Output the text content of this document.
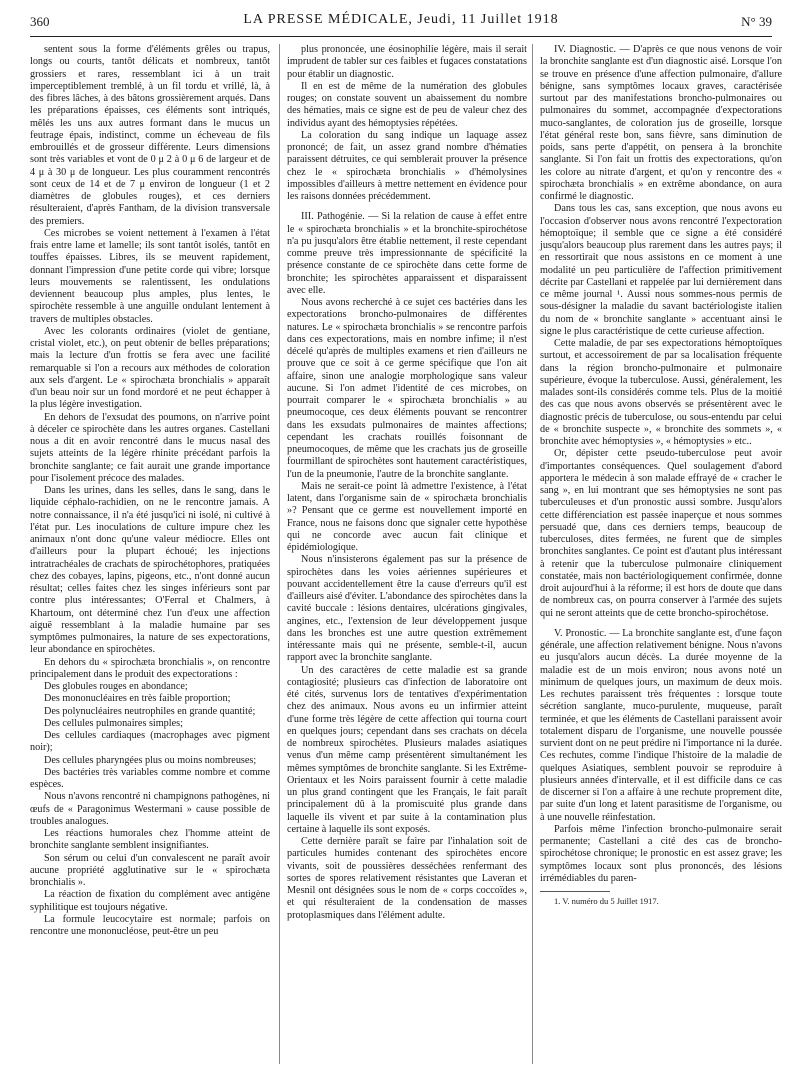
360	LA PRESSE MÉDICALE, Jeudi, 11 Juillet 1918	N° 39

sentent sous la forme d'éléments grêles ou trapus, longs ou courts, tantôt délicats et nombreux, tantôt grossiers et rares, ressemblant ici à un trait imperceptiblement tremblé, à un fil tordu et vrillé, là, à des fibres lâches, à des bâtons grossièrement arqués. Dans les préparations épaisses, ces éléments sont intriqués, mêlés les uns aux autres formant dans le mucus un feutrage épais, indistinct, comme un écheveau de fils embrouillés et de grosseur différente. Leurs dimensions sont très variables et vont de 0 μ 2 à 0 μ 6 de largeur et de 4 μ à 30 μ de longueur. Les plus couramment rencontrés sont ceux de 14 et de 7 μ environ de longueur (1 et 2 diamètres de globules rouges), et ces derniers résulteraient, d'après Fantham, de la division transversale des premiers.

Ces microbes se voient nettement à l'examen à l'état frais entre lame et lamelle; ils sont tantôt isolés, tantôt en touffes épaisses. Libres, ils se meuvent rapidement, donnant l'impression d'une petite corde qui vibre; lorsque leurs mouvements se ralentissent, les ondulations deviennent beaucoup plus amples, plus lentes, le spirochète ressemble à une anguille ondulant lentement à travers de multiples obstacles.

Avec les colorants ordinaires (violet de gentiane, cristal violet, etc.), on peut obtenir de belles préparations; mais la lecture d'un frottis se fera avec une facilité remarquable si l'on a recours aux méthodes de coloration aux sels d'argent. Le « spirochæta bronchialis » apparaît d'un beau noir sur un fond mordoré et ne peut échapper à la plus légère investigation.

En dehors de l'exsudat des poumons, on n'arrive point à déceler ce spirochète dans les autres organes. Castellani nous a dit en avoir rencontré dans le mucus nasal des sujets atteints de la légère rhinite précédant parfois la bronchite sanglante; ce fait aurait une grande importance pour l'isolement précoce des malades.

Dans les urines, dans les selles, dans le sang, dans le liquide céphalo-rachidien, on ne le rencontre jamais. A notre connaissance, il n'a été jusqu'ici ni isolé, ni cultivé à l'état pur. Les inoculations de culture impure chez les animaux n'ont donc qu'une valeur médiocre. Elles ont d'ailleurs pour la plupart échoué; les injections intratrachéales de crachats de spirochétophores, pratiquées chez des cobayes, lapins, pigeons, etc., n'ont donné aucun résultat; celles faites chez les singes inférieurs sont par contre plus intéressantes; O'Ferral et Chalmers, à Khartoum, ont déterminé chez l'un d'eux une affection aiguë ressemblant à la maladie humaine par ses symptômes pulmonaires, la nature de ses expectorations, leur abondance en spirochètes.

En dehors du « spirochæta bronchialis », on rencontre principalement dans le produit des expectorations :

Des globules rouges en abondance;

Des mononucléaires en très faible proportion;

Des polynucléaires neutrophiles en grande quantité;

Des cellules pulmonaires simples;

Des cellules cardiaques (macrophages avec pigment noir);

Des cellules pharyngées plus ou moins nombreuses;

Des bactéries très variables comme nombre et comme espèces.

Nous n'avons rencontré ni champignons pathogènes, ni œufs de « Paragonimus Westermani » cause possible de troubles analogues.

Les réactions humorales chez l'homme atteint de bronchite sanglante semblent insignifiantes.

Son sérum ou celui d'un convalescent ne paraît avoir aucune propriété agglutinative sur le « spirochæta bronchialis ».

La réaction de fixation du complément avec antigène syphilitique est toujours négative.

La formule leucocytaire est normale; parfois on rencontre une mononucléose, peut-être un peu

plus prononcée, une éosinophilie légère, mais il serait imprudent de tabler sur ces faibles et fugaces constatations pour établir un diagnostic.

Il en est de même de la numération des globules rouges; on constate souvent un abaissement du nombre des hématies, mais ce signe est de peu de valeur chez des individus ayant des hémoptysies répétées.

La coloration du sang indique un laquage assez prononcé; de fait, un assez grand nombre d'hématies paraissent détruites, ce qui semblerait prouver la présence chez le « spirochæta bronchialis » d'hémolysines impossibles d'ailleurs à mettre nettement en évidence pour les raisons données précédemment.

III. Pathogénie. — Si la relation de cause à effet entre le « spirochæta bronchialis » et la bronchite-spirochétose n'a pu jusqu'alors être établie nettement, il reste cependant comme preuve très impressionnante de spécificité la présence constante de ce spirochète dans cette forme de bronchite; les spirochètes apparaissent et disparaissent avec elle.

Nous avons recherché à ce sujet ces bactéries dans les expectorations broncho-pulmonaires de différentes natures. Le « spirochæta bronchialis » se rencontre parfois dans ces expectorations, mais en nombre infime; il n'est décelé qu'après de multiples examens et rien d'ailleurs ne prouve que ce soit à ce germe spécifique que l'on ait affaire, sinon une analogie morphologique sans valeur aucune. Si l'on admet l'identité de ces microbes, on pourrait comparer le « spirochæta bronchialis » au pneumocoque, ces deux éléments pouvant se rencontrer dans les exsudats pulmonaires de maintes affections; cependant les crachats rouillés foisonnant de pneumocoques, de même que les crachats jus de groseille fourmillant de spirochètes sont hautement caractéristiques, l'un de la pneumonie, l'autre de la bronchite sanglante.

Mais ne serait-ce point là admettre l'existence, à l'état latent, dans l'organisme sain de « spirochæta bronchialis »? Pensant que ce germe est nouvellement importé en France, nous ne faisons donc que signaler cette hypothèse qui ne concorde avec aucun fait clinique et épidémiologique.

Nous n'insisterons également pas sur la présence de spirochètes dans les voies aériennes supérieures et pouvant accidentellement être la cause d'erreurs qu'il est d'ailleurs aisé d'éviter. L'abondance des spirochètes dans la cavité buccale : lésions dentaires, ulcérations gingivales, angines, etc., l'extension de leur développement jusque dans les bronches est une autre question extrêmement intéressante mais qui ne présente, semble-t-il, aucun rapport avec la bronchite sanglante.

Un des caractères de cette maladie est sa grande contagiosité; plusieurs cas d'infection de laboratoire ont été cités, survenus lors de tentatives d'expérimentation chez des animaux. Nous avons eu un infirmier atteint d'une forme très légère de cette affection qui tourna court en quelques jours; cependant dans ses crachats on décela de nombreux spirochètes. Plusieurs malades asiatiques venus d'un même camp présentèrent simultanément les mêmes symptômes de bronchite sanglante. Si les Extrême-Orientaux et les Noirs paraissent fournir à cette maladie un plus grand contingent que les Français, le fait paraît principalement dû à la promiscuité plus grande dans laquelle ils vivent et par suite à la contamination plus certaine à laquelle ils sont exposés.

Cette dernière paraît se faire par l'inhalation soit de particules humides contenant des spirochètes encore vivants, soit de poussières desséchées renfermant des sortes de spores relativement résistantes que Laveran et Mesnil ont désignées sous le nom de « corps coccoïdes », et qui résulteraient de la condensation de masses protoplasmiques dans l'élément adulte.

IV. Diagnostic. — D'après ce que nous venons de voir la bronchite sanglante est d'un diagnostic aisé. Lorsque l'on se trouve en présence d'une affection pulmonaire, d'allure bénigne, sans symptômes locaux graves, caractérisée surtout par des manifestations broncho-pulmonaires ou pulmonaires du sommet, accompagnée d'expectorations muco-sanglantes, de coloration jus de groseille, lorsque l'état général reste bon, sans fièvre, sans diminution de poids, sans perte d'appétit, on pensera à la bronchite sanglante. Si l'on fait un frottis des expectorations, qu'on les colore au nitrate d'argent, et qu'on y rencontre des « spirochæta bronchialis » en extrême abondance, on aura confirmé le diagnostic.

Dans tous les cas, sans exception, que nous avons eu l'occasion d'observer nous avons rencontré l'expectoration hémoptoïque; il semble que ce signe a été considéré jusqu'alors beaucoup plus rarement dans les autres pays; il en ressortirait que nous assistons en ce moment à une modalité un peu particulière de l'affection primitivement décrite par Castellani et rappelée par lui dernièrement dans ce même journal ¹. Aussi nous sommes-nous permis de sous-désigner la maladie du savant bactériologiste italien du nom de « bronchite sanglante » accentuant ainsi le signe le plus caractéristique de cette curieuse affection.

Cette maladie, de par ses expectorations hémoptoïques surtout, et accessoirement de par sa localisation fréquente dans la région broncho-pulmonaire et pulmonaire supérieure, évoque la tuberculose. Aussi, généralement, les malades sont-ils considérés comme tels. Plus de la moitié des cas que nous avons observés se présentèrent avec le diagnostic précis de tuberculose, ou sous-entendu par celui de « bronchite suspecte », « bronchite des sommets », « bronchite avec hémoptysies », « hémoptysies » etc..

Or, dépister cette pseudo-tuberculose peut avoir d'importantes conséquences. Quel soulagement d'abord apportera le médecin à son malade effrayé de « cracher le sang », en lui montrant que ses hémoptysies ne sont pas tuberculeuses et d'un pronostic aussi sombre. Jusqu'alors cette différenciation est passée inaperçue et nous sommes persuadé que, dans ces derniers temps, beaucoup de tuberculoses, dites fermées, ne furent que de simples bronchites sanglantes. Ce point est d'autant plus intéressant à retenir que la tuberculose pulmonaire cliniquement constatée, mais non bactériologiquement confirmée, donne droit aujourd'hui à la réforme; il est hors de doute que dans de nombreux cas, on pourra conserver à l'armée des sujets qui ne seront atteints que de cette broncho-spirochétose.

V. Pronostic. — La bronchite sanglante est, d'une façon générale, une affection relativement bénigne. Nous n'avons eu jusqu'alors aucun décès. La durée moyenne de la maladie est de un mois environ; nous avons noté un minimum de quelques jours, un maximum de deux mois. Les rechutes paraissent très fréquentes : lorsque toute sécrétion sanglante, muco-purulente, muqueuse, paraît terminée, et que les éléments de Castellani paraissent avoir totalement disparu de l'organisme, une nouvelle poussée survient dont on ne peut prédire ni l'importance ni la durée. Ces rechutes, comme l'indique l'histoire de la maladie de quelques Asiatiques, semblent pouvoir se reproduire à plusieurs années d'intervalle, et il est difficile dans ce cas de discerner si l'on a affaire à une rechute proprement dite, par suite d'un long et latent parasitisme de l'organisme, ou à une nouvelle réinfestation.

Parfois même l'infection broncho-pulmonaire serait permanente; Castellani a cité des cas de broncho-spirochétose chronique; le pronostic en est assez grave; les symptômes locaux sont plus prononcés, des lésions irrémédiables du paren-

1. V. numéro du 5 Juillet 1917.
